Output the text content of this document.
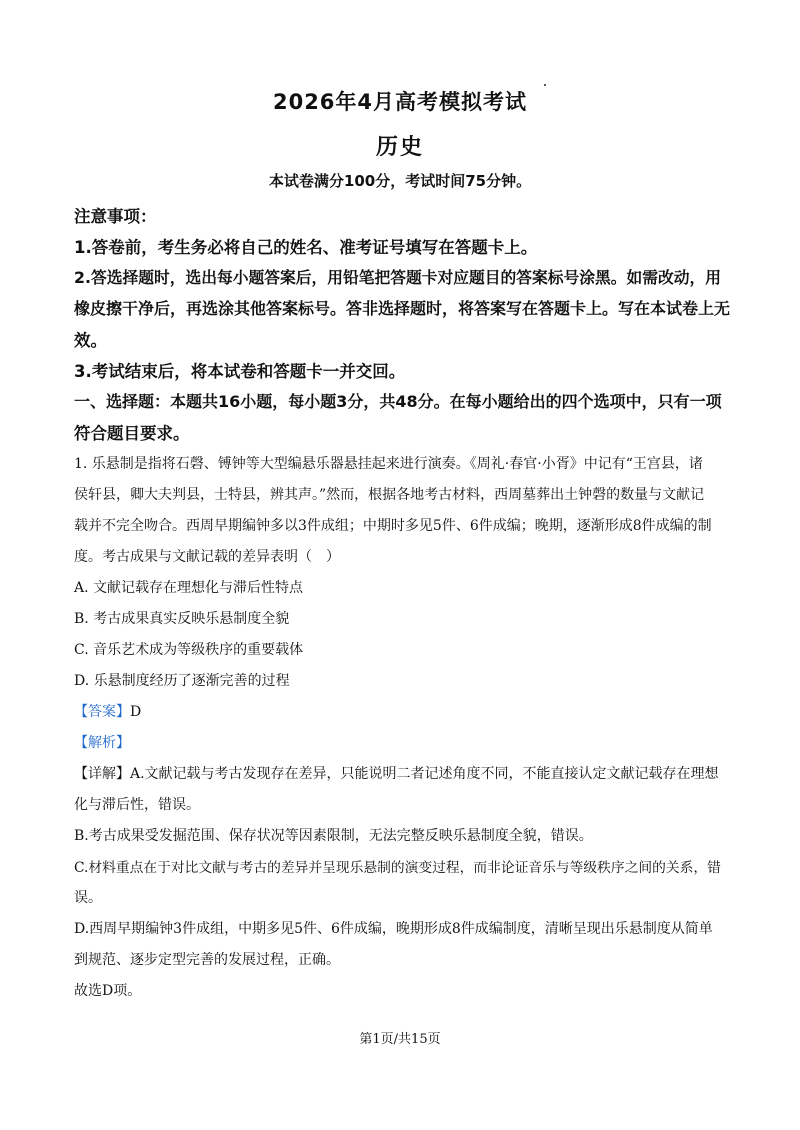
2026年4月高考模拟考试
历史
本试卷满分100分，考试时间75分钟。
注意事项：
1.答卷前，考生务必将自己的姓名、准考证号填写在答题卡上。
2.答选择题时，选出每小题答案后，用铅笔把答题卡对应题目的答案标号涂黑。如需改动，用
橡皮擦干净后，再选涂其他答案标号。答非选择题时，将答案写在答题卡上。写在本试卷上无
效。
3.考试结束后，将本试卷和答题卡一并交回。
一、选择题：本题共16小题，每小题3分，共48分。在每小题给出的四个选项中，只有一项
符合题目要求。
1. 乐悬制是指将石磬、镈钟等大型编悬乐器悬挂起来进行演奏。《周礼·春官·小胥》中记有“王宫县，诸
侯轩县，卿大夫判县，士特县，辨其声。”然而，根据各地考古材料，西周墓葬出土钟磬的数量与文献记
载并不完全吻合。西周早期编钟多以3件成组；中期时多见5件、6件成编；晚期，逐渐形成8件成编的制
度。考古成果与文献记载的差异表明（　）
A. 文献记载存在理想化与滞后性特点
B. 考古成果真实反映乐悬制度全貌
C. 音乐艺术成为等级秩序的重要载体
D. 乐悬制度经历了逐渐完善的过程
【答案】D
【解析】
【详解】A.文献记载与考古发现存在差异，只能说明二者记述角度不同，不能直接认定文献记载存在理想
化与滞后性，错误。
B.考古成果受发掘范围、保存状况等因素限制，无法完整反映乐悬制度全貌，错误。
C.材料重点在于对比文献与考古的差异并呈现乐悬制的演变过程，而非论证音乐与等级秩序之间的关系，错
误。
D.西周早期编钟3件成组，中期多见5件、6件成编，晚期形成8件成编制度，清晰呈现出乐悬制度从简单
到规范、逐步定型完善的发展过程，正确。
故选D项。
第1页/共15页
